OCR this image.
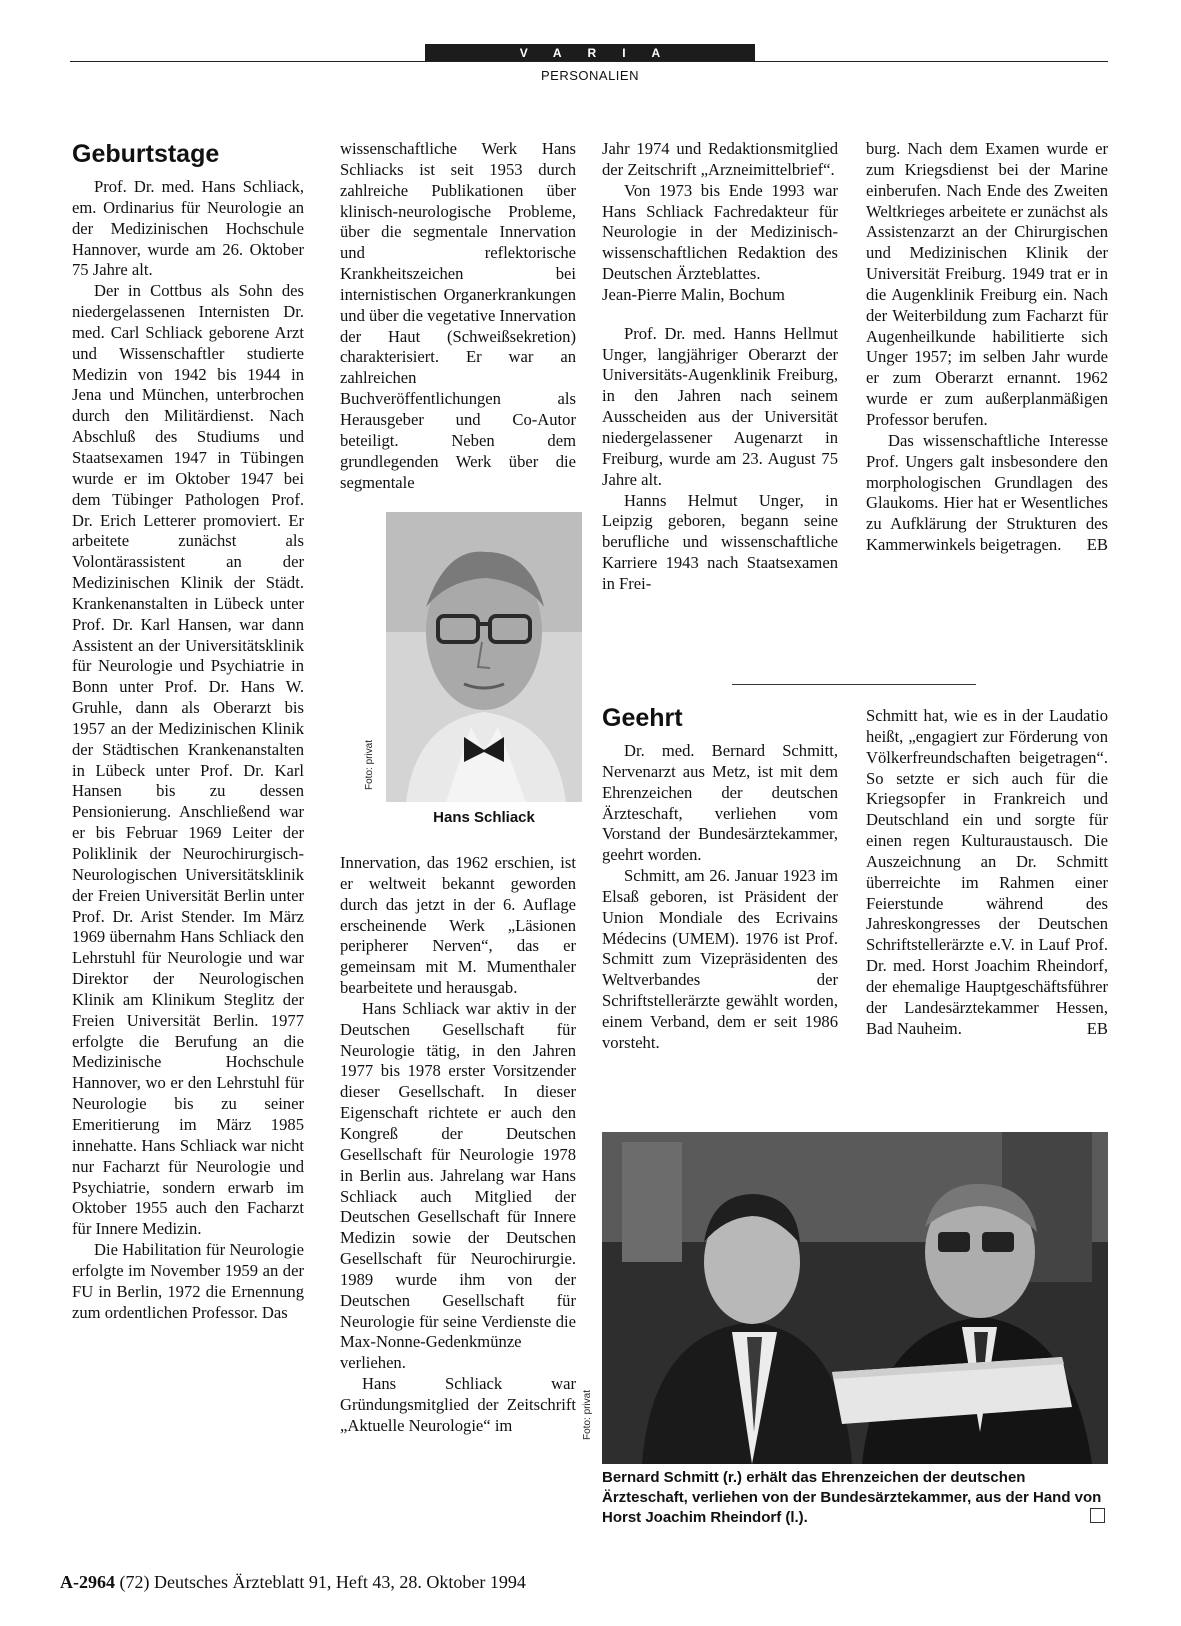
VARIA
PERSONALIEN
Geburtstage

Prof. Dr. med. Hans Schliack, em. Ordinarius für Neurologie an der Medizinischen Hochschule Hannover, wurde am 26. Oktober 75 Jahre alt.

Der in Cottbus als Sohn des niedergelassenen Internisten Dr. med. Carl Schliack geborene Arzt und Wissenschaftler studierte Medizin von 1942 bis 1944 in Jena und München, unterbrochen durch den Militärdienst. Nach Abschluß des Studiums und Staatsexamen 1947 in Tübingen wurde er im Oktober 1947 bei dem Tübinger Pathologen Prof. Dr. Erich Letterer promoviert. Er arbeitete zunächst als Volontärassistent an der Medizinischen Klinik der Städt. Krankenanstalten in Lübeck unter Prof. Dr. Karl Hansen, war dann Assistent an der Universitätsklinik für Neurologie und Psychiatrie in Bonn unter Prof. Dr. Hans W. Gruhle, dann als Oberarzt bis 1957 an der Medizinischen Klinik der Städtischen Krankenanstalten in Lübeck unter Prof. Dr. Karl Hansen bis zu dessen Pensionierung. Anschließend war er bis Februar 1969 Leiter der Poliklinik der Neurochirurgisch-Neurologischen Universitätsklinik der Freien Universität Berlin unter Prof. Dr. Arist Stender. Im März 1969 übernahm Hans Schliack den Lehrstuhl für Neurologie und war Direktor der Neurologischen Klinik am Klinikum Steglitz der Freien Universität Berlin. 1977 erfolgte die Berufung an die Medizinische Hochschule Hannover, wo er den Lehrstuhl für Neurologie bis zu seiner Emeritierung im März 1985 innehatte. Hans Schliack war nicht nur Facharzt für Neurologie und Psychiatrie, sondern erwarb im Oktober 1955 auch den Facharzt für Innere Medizin.

Die Habilitation für Neurologie erfolgte im November 1959 an der FU in Berlin, 1972 die Ernennung zum ordentlichen Professor. Das

wissenschaftliche Werk Hans Schliacks ist seit 1953 durch zahlreiche Publikationen über klinisch-neurologische Probleme, über die segmentale Innervation und reflektorische Krankheitszeichen bei internistischen Organerkrankungen und über die vegetative Innervation der Haut (Schweißsekretion) charakterisiert. Er war an zahlreichen Buchveröffentlichungen als Herausgeber und Co-Autor beteiligt. Neben dem grundlegenden Werk über die segmentale

Foto: privat
Hans Schliack

Innervation, das 1962 erschien, ist er weltweit bekannt geworden durch das jetzt in der 6. Auflage erscheinende Werk „Läsionen peripherer Nerven“, das er gemeinsam mit M. Mumenthaler bearbeitete und herausgab.

Hans Schliack war aktiv in der Deutschen Gesellschaft für Neurologie tätig, in den Jahren 1977 bis 1978 erster Vorsitzender dieser Gesellschaft. In dieser Eigenschaft richtete er auch den Kongreß der Deutschen Gesellschaft für Neurologie 1978 in Berlin aus. Jahrelang war Hans Schliack auch Mitglied der Deutschen Gesellschaft für Innere Medizin sowie der Deutschen Gesellschaft für Neurochirurgie. 1989 wurde ihm von der Deutschen Gesellschaft für Neurologie für seine Verdienste die Max-Nonne-Gedenkmünze verliehen.

Hans Schliack war Gründungsmitglied der Zeitschrift „Aktuelle Neurologie“ im

Jahr 1974 und Redaktionsmitglied der Zeitschrift „Arzneimittelbrief“.

Von 1973 bis Ende 1993 war Hans Schliack Fachredakteur für Neurologie in der Medizinisch-wissenschaftlichen Redaktion des Deutschen Ärzteblattes.

Jean-Pierre Malin, Bochum

Prof. Dr. med. Hanns Hellmut Unger, langjähriger Oberarzt der Universitäts-Augenklinik Freiburg, in den Jahren nach seinem Ausscheiden aus der Universität niedergelassener Augenarzt in Freiburg, wurde am 23. August 75 Jahre alt.

Hanns Helmut Unger, in Leipzig geboren, begann seine berufliche und wissenschaftliche Karriere 1943 nach Staatsexamen in Frei-

burg. Nach dem Examen wurde er zum Kriegsdienst bei der Marine einberufen. Nach Ende des Zweiten Weltkrieges arbeitete er zunächst als Assistenzarzt an der Chirurgischen und Medizinischen Klinik der Universität Freiburg. 1949 trat er in die Augenklinik Freiburg ein. Nach der Weiterbildung zum Facharzt für Augenheilkunde habilitierte sich Unger 1957; im selben Jahr wurde er zum Oberarzt ernannt. 1962 wurde er zum außerplanmäßigen Professor berufen.

Das wissenschaftliche Interesse Prof. Ungers galt insbesondere den morphologischen Grundlagen des Glaukoms. Hier hat er Wesentliches zu Aufklärung der Strukturen des Kammerwinkels beigetragen.	EB

Geehrt

Dr. med. Bernard Schmitt, Nervenarzt aus Metz, ist mit dem Ehrenzeichen der deutschen Ärzteschaft, verliehen vom Vorstand der Bundesärztekammer, geehrt worden.

Schmitt, am 26. Januar 1923 im Elsaß geboren, ist Präsident der Union Mondiale des Ecrivains Médecins (UMEM). 1976 ist Prof. Schmitt zum Vizepräsidenten des Weltverbandes der Schriftstellerärzte gewählt worden, einem Verband, dem er seit 1986 vorsteht.

Schmitt hat, wie es in der Laudatio heißt, „engagiert zur Förderung von Völkerfreundschaften beigetragen“. So setzte er sich auch für die Kriegsopfer in Frankreich und Deutschland ein und sorgte für einen regen Kulturaustausch. Die Auszeichnung an Dr. Schmitt überreichte im Rahmen einer Feierstunde während des Jahreskongresses der Deutschen Schriftstellerärzte e.V. in Lauf Prof. Dr. med. Horst Joachim Rheindorf, der ehemalige Hauptgeschäftsführer der Landesärztekammer Hessen, Bad Nauheim.	EB

Foto: privat
Bernard Schmitt (r.) erhält das Ehrenzeichen der deutschen Ärzteschaft, verliehen von der Bundesärztekammer, aus der Hand von Horst Joachim Rheindorf (l.).
A-2964 (72) Deutsches Ärzteblatt 91, Heft 43, 28. Oktober 1994
